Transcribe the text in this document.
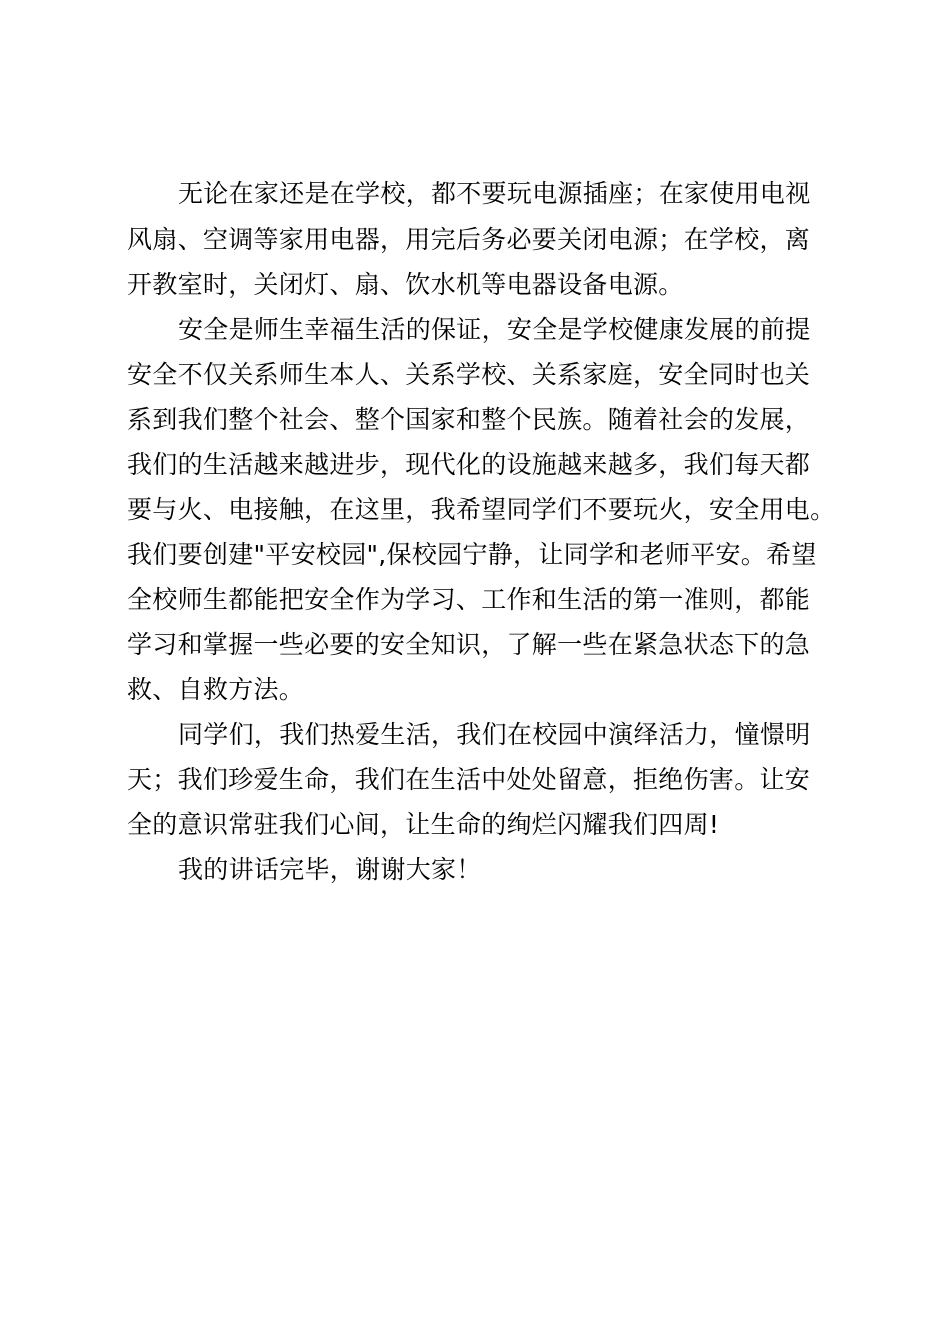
无论在家还是在学校，都不要玩电源插座；在家使用电视
风扇、空调等家用电器，用完后务必要关闭电源；在学校，离
开教室时，关闭灯、扇、饮水机等电器设备电源。
安全是师生幸福生活的保证，安全是学校健康发展的前提
安全不仅关系师生本人、关系学校、关系家庭，安全同时也关
系到我们整个社会、整个国家和整个民族。随着社会的发展，
我们的生活越来越进步，现代化的设施越来越多，我们每天都
要与火、电接触，在这里，我希望同学们不要玩火，安全用电。
我们要创建"平安校园",保校园宁静，让同学和老师平安。希望
全校师生都能把安全作为学习、工作和生活的第一准则，都能
学习和掌握一些必要的安全知识，了解一些在紧急状态下的急
救、自救方法。
同学们，我们热爱生活，我们在校园中演绎活力，憧憬明
天；我们珍爱生命，我们在生活中处处留意，拒绝伤害。让安
全的意识常驻我们心间，让生命的绚烂闪耀我们四周!
我的讲话完毕，谢谢大家！
